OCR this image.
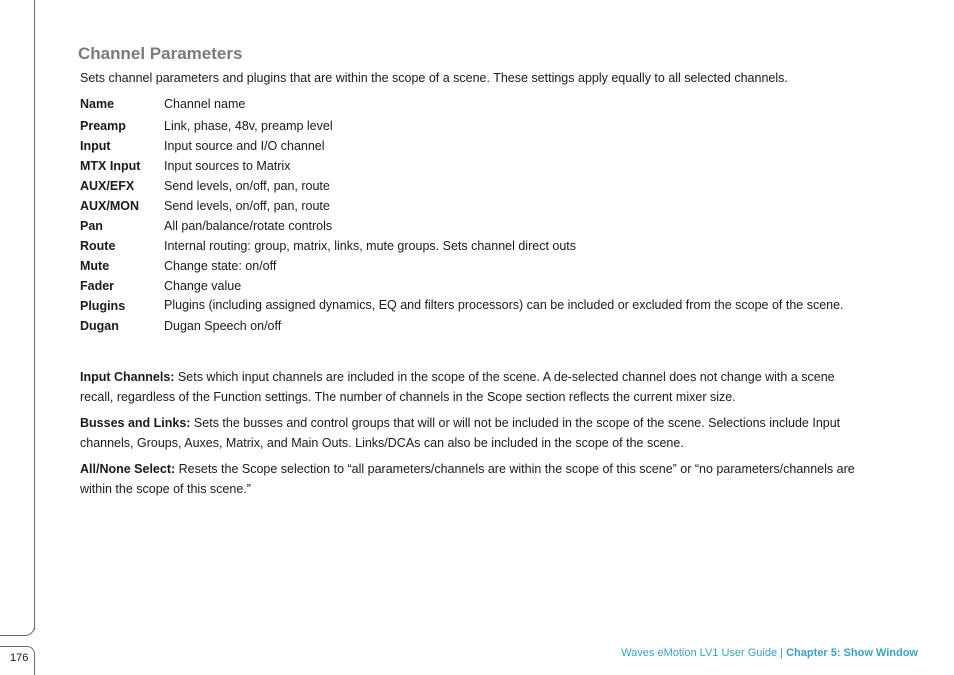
176
Channel Parameters
Sets channel parameters and plugins that are within the scope of a scene. These settings apply equally to all selected channels.
Name	Channel name
Preamp	Link, phase, 48v, preamp level
Input	Input source and I/O channel
MTX Input	Input sources to Matrix
AUX/EFX	Send levels, on/off, pan, route
AUX/MON	Send levels, on/off, pan, route
Pan	All pan/balance/rotate controls
Route	Internal routing: group, matrix, links, mute groups. Sets channel direct outs
Mute	Change state: on/off
Fader	Change value
Plugins	Plugins (including assigned dynamics, EQ and filters processors) can be included or excluded from the scope of the scene.
Dugan	Dugan Speech on/off
Input Channels: Sets which input channels are included in the scope of the scene. A de-selected channel does not change with a scene recall, regardless of the Function settings. The number of channels in the Scope section reflects the current mixer size.
Busses and Links: Sets the busses and control groups that will or will not be included in the scope of the scene. Selections include Input channels, Groups, Auxes, Matrix, and Main Outs. Links/DCAs can also be included in the scope of the scene.
All/None Select: Resets the Scope selection to “all parameters/channels are within the scope of this scene” or “no parameters/channels are within the scope of this scene.”
Waves eMotion LV1 User Guide | Chapter 5: Show Window
